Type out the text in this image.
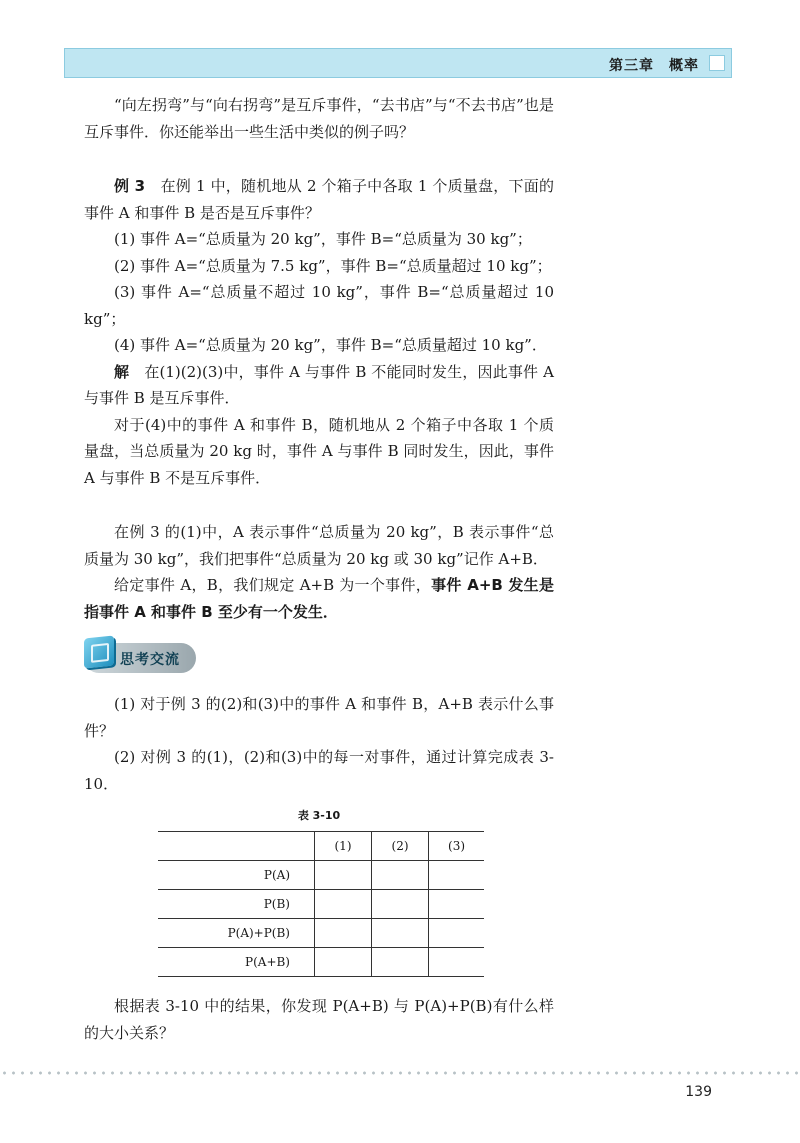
第三章　概率

“向左拐弯”与“向右拐弯”是互斥事件，“去书店”与“不去书店”也是互斥事件．你还能举出一些生活中类似的例子吗？

例 3　在例 1 中，随机地从 2 个箱子中各取 1 个质量盘，下面的事件 A 和事件 B 是否是互斥事件？

(1) 事件 A=“总质量为 20 kg”，事件 B=“总质量为 30 kg”；

(2) 事件 A=“总质量为 7.5 kg”，事件 B=“总质量超过 10 kg”；

(3) 事件 A=“总质量不超过 10 kg”，事件 B=“总质量超过 10 kg”；

(4) 事件 A=“总质量为 20 kg”，事件 B=“总质量超过 10 kg”．

解　在(1)(2)(3)中，事件 A 与事件 B 不能同时发生，因此事件 A 与事件 B 是互斥事件．

对于(4)中的事件 A 和事件 B，随机地从 2 个箱子中各取 1 个质量盘，当总质量为 20 kg 时，事件 A 与事件 B 同时发生，因此，事件 A 与事件 B 不是互斥事件．

在例 3 的(1)中，A 表示事件“总质量为 20 kg”，B 表示事件“总质量为 30 kg”，我们把事件“总质量为 20 kg 或 30 kg”记作 A+B．

给定事件 A，B，我们规定 A+B 为一个事件，事件 A+B 发生是指事件 A 和事件 B 至少有一个发生．

思考交流

(1) 对于例 3 的(2)和(3)中的事件 A 和事件 B，A+B 表示什么事件？

(2) 对例 3 的(1)，(2)和(3)中的每一对事件，通过计算完成表 3-10．

表 3-10
	(1)	(2)	(3)
P(A)			
P(B)			
P(A)+P(B)			
P(A+B)			

根据表 3-10 中的结果，你发现 P(A+B) 与 P(A)+P(B)有什么样的大小关系？

139
